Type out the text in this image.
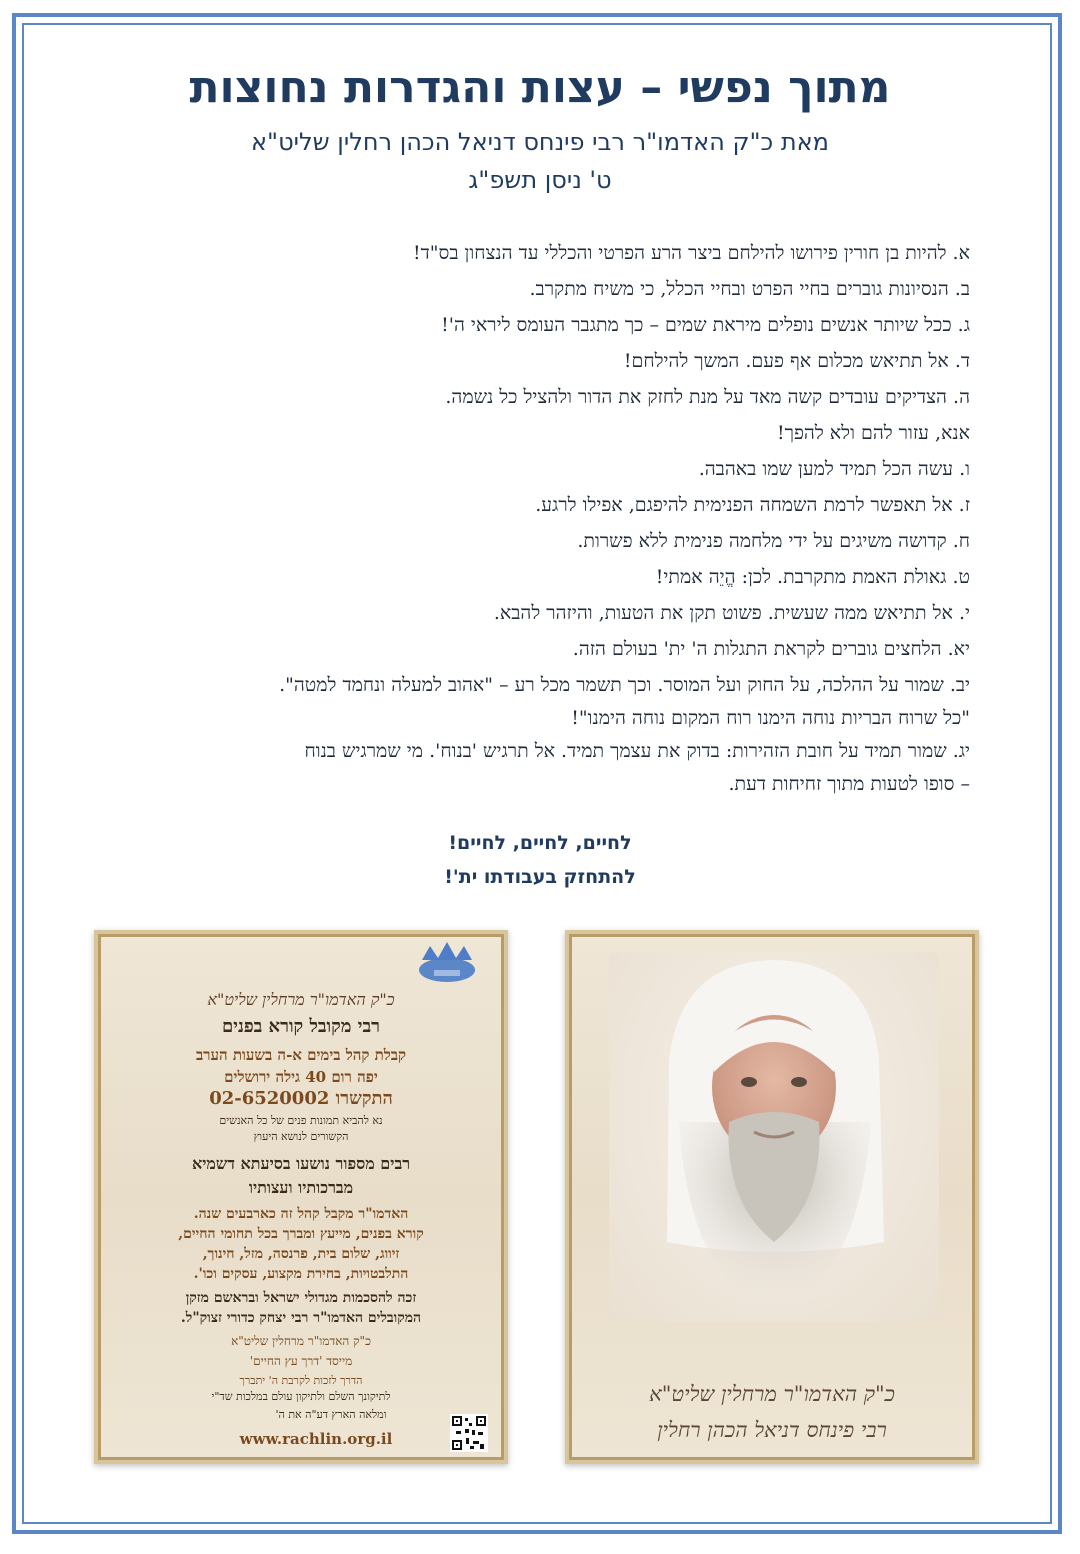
מתוך נפשי – עצות והגדרות נחוצות
מאת כ"ק האדמו"ר רבי פינחס דניאל הכהן רחלין שליט"א
ט' ניסן תשפ"ג
א. להיות בן חורין פירושו להילחם ביצר הרע הפרטי והכללי עד הנצחון בס"ד!
ב. הנסיונות גוברים בחיי הפרט ובחיי הכלל, כי משיח מתקרב.
ג. ככל שיותר אנשים נופלים מיראת שמים – כך מתגבר העומס ליראי ה'!
ד. אל תתיאש מכלום אף פעם. המשך להילחם!
ה. הצדיקים עובדים קשה מאד על מנת לחזק את הדור ולהציל כל נשמה.
אנא, עזור להם ולא להפך!
ו. עשה הכל תמיד למען שמו באהבה.
ז. אל תאפשר לרמת השמחה הפנימית להיפגם, אפילו לרגע.
ח. קדושה משיגים על ידי מלחמה פנימית ללא פשרות.
ט. גאולת האמת מתקרבת. לכן: הֱיֵה אמתי!
י. אל תתיאש ממה שעשית. פשוט תקן את הטעות, והיזהר להבא.
יא. הלחצים גוברים לקראת התגלות ה' ית' בעולם הזה.
יב. שמור על ההלכה, על החוק ועל המוסר. וכך תשמר מכל רע – "אהוב למעלה ונחמד למטה".
"כל שרוח הבריות נוחה הימנו רוח המקום נוחה הימנו"!
יג. שמור תמיד על חובת הזהירות: בדוק את עצמך תמיד. אל תרגיש 'בנוח'. מי שמרגיש בנוח
– סופו לטעות מתוך זחיחות דעת.
לחיים, לחיים, לחיים!
להתחזק בעבודתו ית'!
כ"ק האדמו"ר מרחלין שליט"א
רבי מקובל קורא בפנים
קבלת קהל בימים א-ה בשעות הערב
יפה רום 40 גילה ירושלים
התקשרו 02-6520002
נא להביא תמונות פנים של כל האנשים
הקשורים לנושא היעוץ
רבים מספור נושעו בסיעתא דשמיא
מברכותיו ועצותיו
האדמו"ר מקבל קהל זה כארבעים שנה.
קורא בפנים, מייעץ ומברך בכל תחומי החיים,
זיווג, שלום בית, פרנסה, מזל, חינוך,
התלבטויות, בחירת מקצוע, עסקים וכו'.
זכה להסכמות מגדולי ישראל ובראשם מזקן
המקובלים האדמו"ר רבי יצחק כדורי זצוק"ל.
כ"ק האדמו"ר מרחלין שליט"א
מייסד 'דרך עץ החיים'
הדרך לזכות לקרבת ה' יתברך
לתיקונך השלם ולתיקון עולם במלכות שד"י
ומלאה הארץ דע"ה את ה'
www.rachlin.org.il
כ"ק האדמו"ר מרחלין שליט"א
רבי פינחס דניאל הכהן רחלין
